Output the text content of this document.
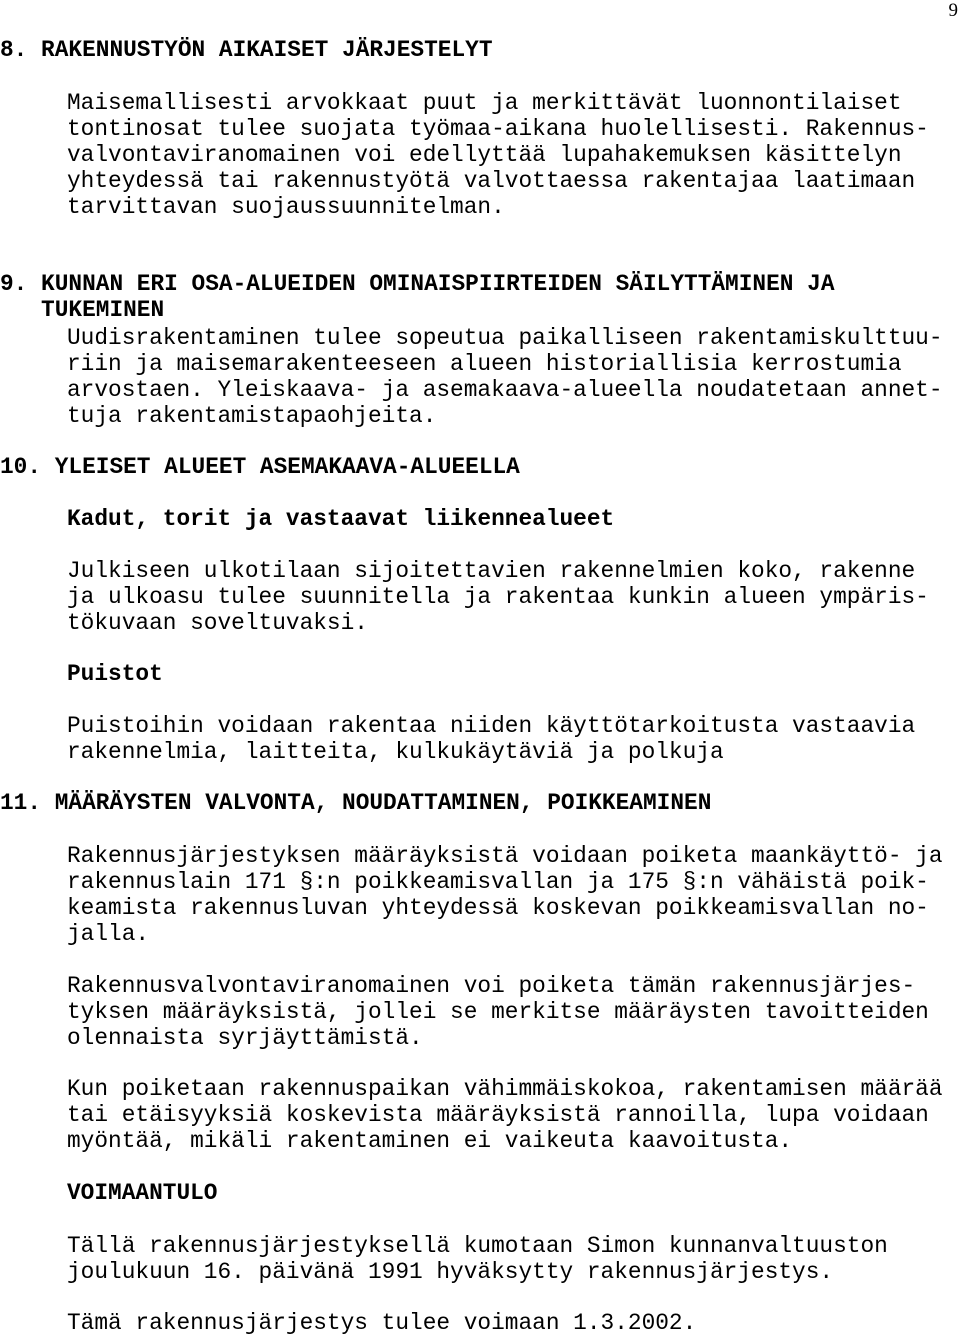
9
8. RAKENNUSTYÖN AIKAISET JÄRJESTELYT
Maisemallisesti arvokkaat puut ja merkittävät luonnontilaiset
tontinosat tulee suojata työmaa-aikana huolellisesti. Rakennus-
valvontaviranomainen voi edellyttää lupahakemuksen käsittelyn
yhteydessä tai rakennustyötä valvottaessa rakentajaa laatimaan
tarvittavan suojaussuunnitelman.

9. KUNNAN ERI OSA-ALUEIDEN OMINAISPIIRTEIDEN SÄILYTTÄMINEN JA
TUKEMINEN
Uudisrakentaminen tulee sopeutua paikalliseen rakentamiskulttuu-
riin ja maisemarakenteeseen alueen historiallisia kerrostumia
arvostaen. Yleiskaava- ja asemakaava-alueella noudatetaan annet-
tuja rakentamistapaohjeita.
10. YLEISET ALUEET ASEMAKAAVA-ALUEELLA
Kadut, torit ja vastaavat liikennealueet
Julkiseen ulkotilaan sijoitettavien rakennelmien koko, rakenne
ja ulkoasu tulee suunnitella ja rakentaa kunkin alueen ympäris-
tökuvaan soveltuvaksi.
Puistot
Puistoihin voidaan rakentaa niiden käyttötarkoitusta vastaavia
rakennelmia, laitteita, kulkukäytäviä ja polkuja
11. MÄÄRÄYSTEN VALVONTA, NOUDATTAMINEN, POIKKEAMINEN
Rakennusjärjestyksen määräyksistä voidaan poiketa maankäyttö- ja
rakennuslain 171 §:n poikkeamisvallan ja 175 §:n vähäistä poik-
keamista rakennusluvan yhteydessä koskevan poikkeamisvallan no-
jalla.
Rakennusvalvontaviranomainen voi poiketa tämän rakennusjärjes-
tyksen määräyksistä, jollei se merkitse määräysten tavoitteiden
olennaista syrjäyttämistä.
Kun poiketaan rakennuspaikan vähimmäiskokoa, rakentamisen määrää
tai etäisyyksiä koskevista määräyksistä rannoilla, lupa voidaan
myöntää, mikäli rakentaminen ei vaikeuta kaavoitusta.
VOIMAANTULO
Tällä rakennusjärjestyksellä kumotaan Simon kunnanvaltuuston
joulukuun 16. päivänä 1991 hyväksytty rakennusjärjestys.
Tämä rakennusjärjestys tulee voimaan 1.3.2002.
